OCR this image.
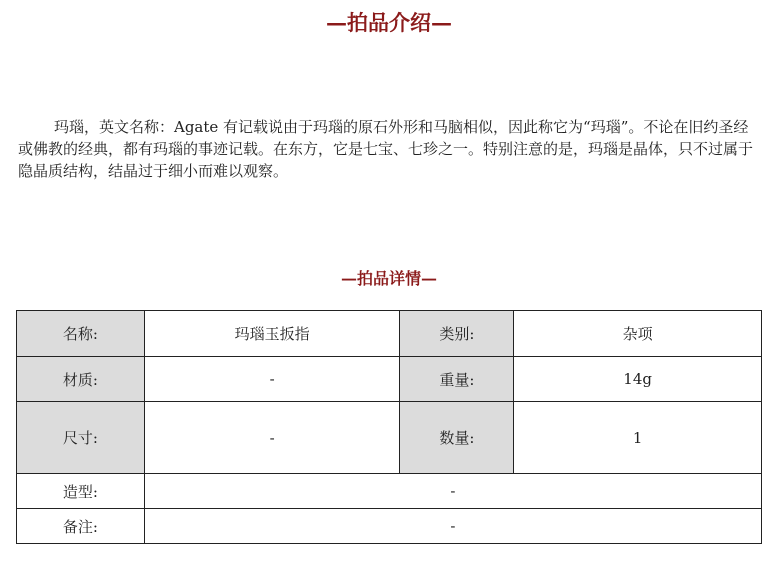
—拍品介绍—
玛瑙，英文名称：Agate 有记载说由于玛瑙的原石外形和马脑相似，因此称它为“玛瑙”。不论在旧约圣经或佛教的经典，都有玛瑙的事迹记载。在东方，它是七宝、七珍之一。特别注意的是，玛瑙是晶体，只不过属于隐晶质结构，结晶过于细小而难以观察。
—拍品详情—
名称:	玛瑙玉扳指	类别:	杂项
材质:	-	重量:	14g
尺寸:	-	数量:	1
造型:	-		
备注:	-		
